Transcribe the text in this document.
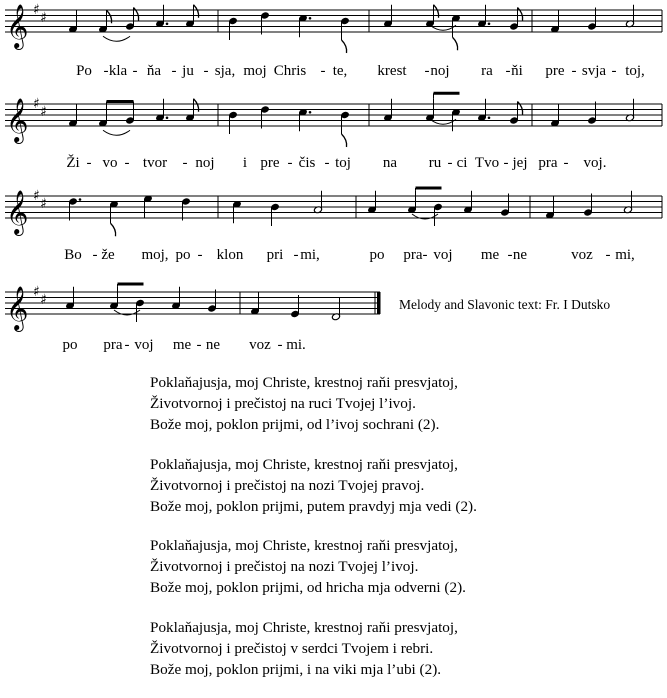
𝄞 ♯ ♯
Po - kla - ňa - ju - sja, moj Chris - te, krest - noj ra - ňi pre - svja - toj,
𝄞 ♯ ♯
Ži - vo - tvor - noj i pre - čis - toj na ru - ci Tvo - jej pra - voj.
𝄞 ♯ ♯
Bo - že moj, po - klon pri - mi,	po pra - voj me - ne	voz - mi,
𝄞 ♯ ♯
po pra - voj me - ne voz - mi.
Melody and Slavonic text: Fr. I Dutsko
Poklaňajusja, moj Christe, krestnoj raňi presvjatoj,
Životvornoj i prečistoj na ruci Tvojej l’ivoj.
Bože moj, poklon prijmi, od l’ivoj sochrani (2).
Poklaňajusja, moj Christe, krestnoj raňi presvjatoj,
Životvornoj i prečistoj na nozi Tvojej pravoj.
Bože moj, poklon prijmi, putem pravdyj mja vedi (2).
Poklaňajusja, moj Christe, krestnoj raňi presvjatoj,
Životvornoj i prečistoj na nozi Tvojej l’ivoj.
Bože moj, poklon prijmi, od hricha mja odverni (2).
Poklaňajusja, moj Christe, krestnoj raňi presvjatoj,
Životvornoj i prečistoj v serdci Tvojem i rebri.
Bože moj, poklon prijmi, i na viki mja l’ubi (2).
